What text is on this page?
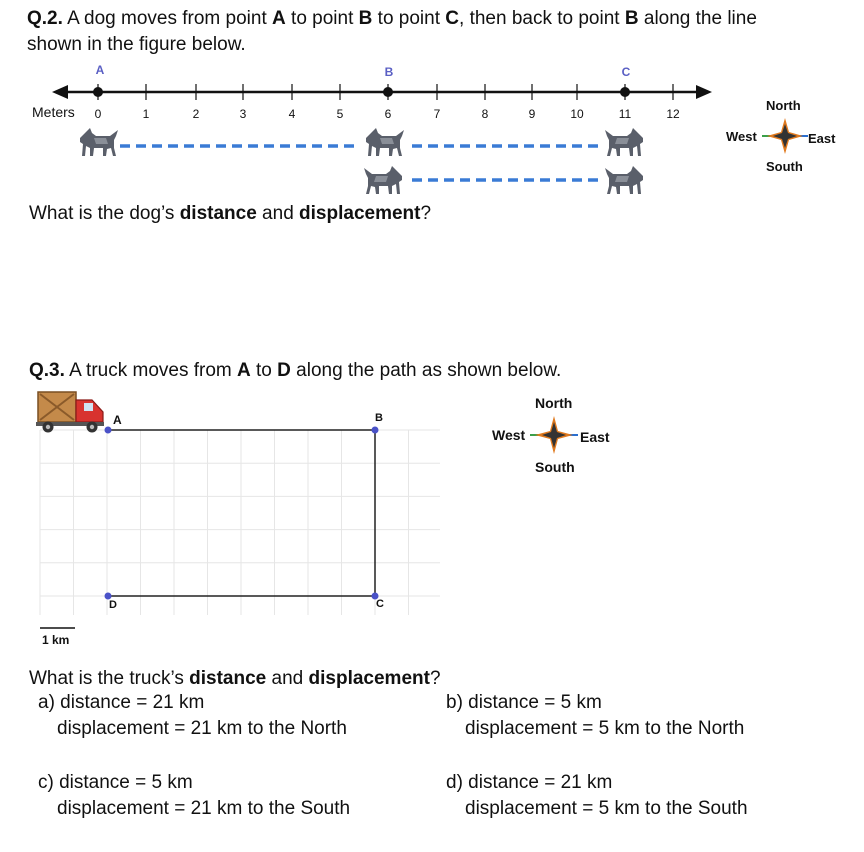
Q.2. A dog moves from point A to point B to point C, then back to point B along the line
shown in the figure below.
Meters 0	1	2	3	4	5	6	7	8	9	10	11	12
A	B	C
North
West	East
South
What is the dog’s distance and displacement?
Q.3. A truck moves from A to D along the path as shown below.
A	B
C
D
1 km
North
West	East
South
What is the truck’s distance and displacement?
a) distance = 21 km
displacement = 21 km to the North
b) distance = 5 km
displacement = 5 km to the North
c) distance = 5 km
displacement = 21 km to the South
d) distance = 21 km
displacement = 5 km to the South
